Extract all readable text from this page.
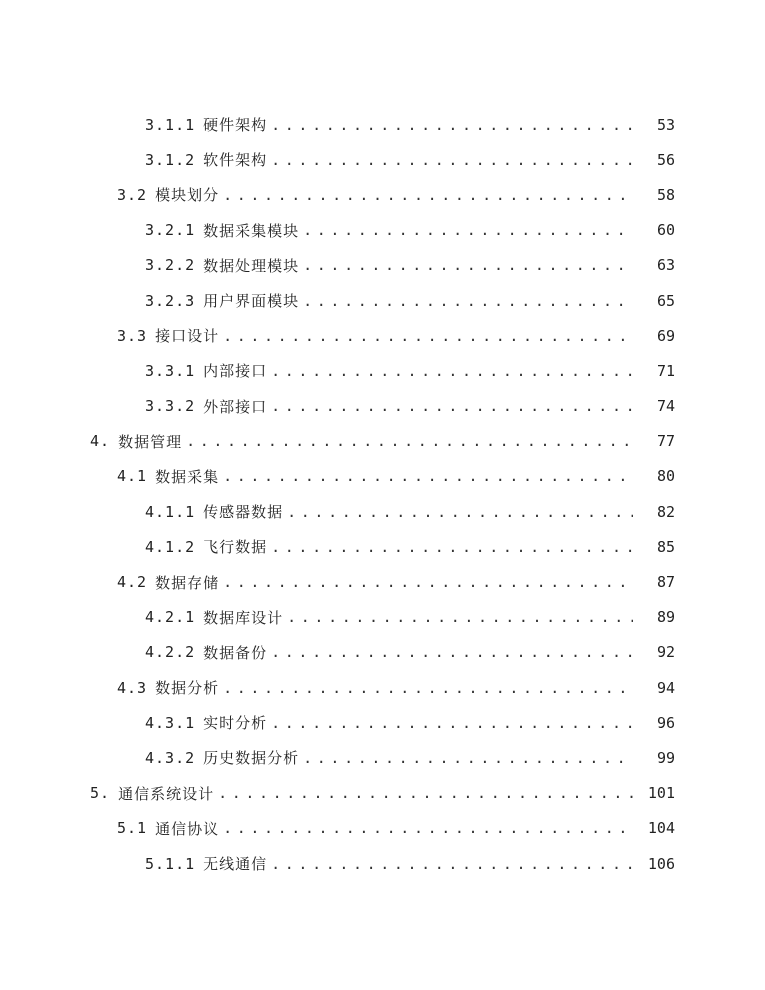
3.1.1 硬件架构 .....	53
3.1.2 软件架构 .....	56
3.2 模块划分 .....	58
3.2.1 数据采集模块 .....	60
3.2.2 数据处理模块 .....	63
3.2.3 用户界面模块 .....	65
3.3 接口设计 .....	69
3.3.1 内部接口 .....	71
3.3.2 外部接口 .....	74
4. 数据管理 .....	77
4.1 数据采集 .....	80
4.1.1 传感器数据 .....	82
4.1.2 飞行数据 .....	85
4.2 数据存储 .....	87
4.2.1 数据库设计 .....	89
4.2.2 数据备份 .....	92
4.3 数据分析 .....	94
4.3.1 实时分析 .....	96
4.3.2 历史数据分析 .....	99
5. 通信系统设计 .....	101
5.1 通信协议 .....	104
5.1.1 无线通信 .....	106
